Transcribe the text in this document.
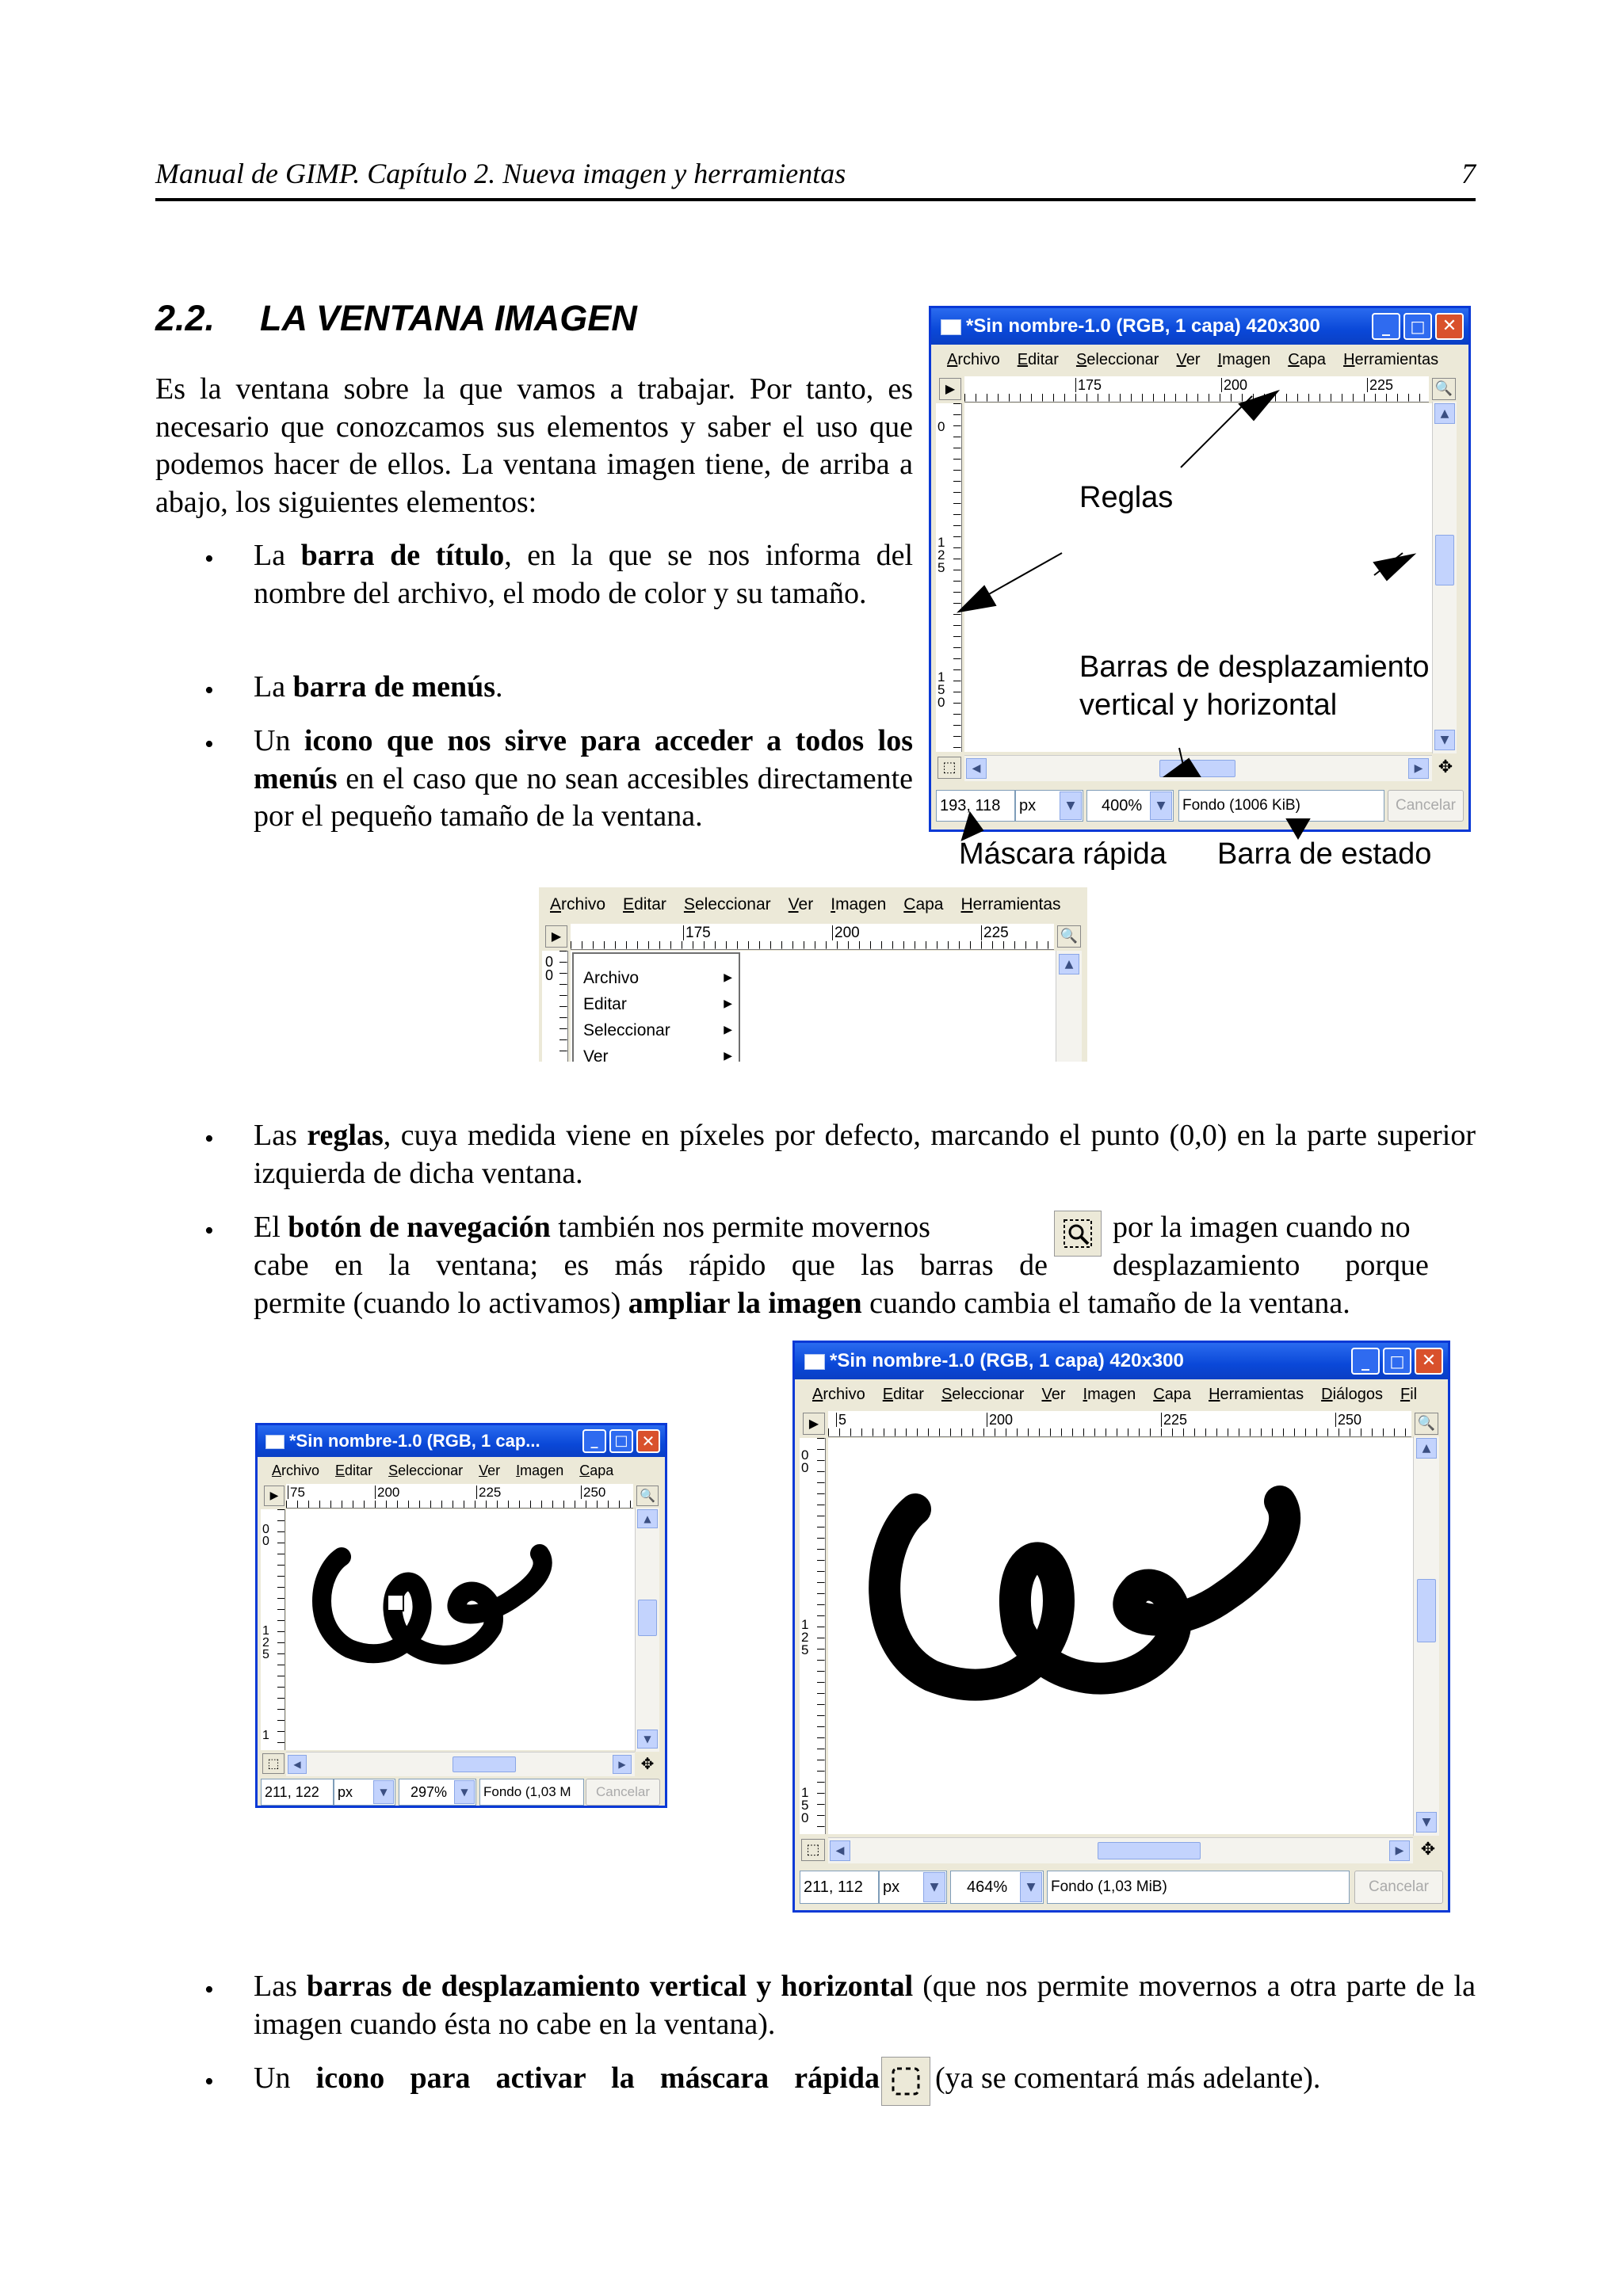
Manual de GIMP. Capítulo 2. Nueva imagen y herramientas	7
2.2. LA VENTANA IMAGEN
Es la ventana sobre la que vamos a trabajar. Por tanto, es necesario que conozcamos sus elementos y saber el uso que podemos hacer de ellos. La ventana imagen tiene, de arriba a abajo, los siguientes elementos:
• La barra de título, en la que se nos informa del nombre del archivo, el modo de color y su tamaño.
• La barra de menús.
• Un icono que nos sirve para acceder a todos los menús en el caso que no sean accesibles directamente por el pequeño tamaño de la ventana.
*Sin nombre-1.0 (RGB, 1 capa) 420x300	_	□ ✕
Archivo Editar Seleccionar Ver Imagen Capa Herramientas
▶	175	200	225	🔍
0
1
2
5
1
5
0
▲
▼
⬚	◀	▶ ✥
193, 118	px	▼	400%	▼	Fondo (1006 KiB)	Cancelar
Reglas
Barras de desplazamiento
vertical y horizontal
Máscara rápida Barra de estado
Archivo Editar Seleccionar Ver Imagen Capa Herramientas
▶	175	200	225	🔍
0
0
▲
Archivo
Editar
Seleccionar
Ver
▶
▶
▶
▶
• Las reglas, cuya medida viene en píxeles por defecto, marcando el punto (0,0) en la parte superior izquierda de dicha ventana.
• El botón de navegación también nos permite movernos	por la imagen cuando no
cabe en la ventana; es más rápido que las barras de desplazamiento      porque
permite (cuando lo activamos) ampliar la imagen cuando cambia el tamaño de la ventana.
*Sin nombre-1.0 (RGB, 1 cap...	_	□ ✕
Archivo Editar Seleccionar Ver Imagen Capa
▶ 75	200	225	250	🔍
0
0
1
2
5
1
▲
▼
⬚	◀	▶ ✥
211, 122	px	▼	297%	▼	Fondo (1,03 M	Cancelar
*Sin nombre-1.0 (RGB, 1 capa) 420x300	_	□ ✕
Archivo Editar Seleccionar Ver Imagen Capa Herramientas Diálogos Fil
▶	5	200	225	250	🔍
0
0
1
2
5
1
5
0
▲
▼
⬚	◀	▶ ✥
211, 112	px	▼	464%	▼	Fondo (1,03 MiB)	Cancelar
• Las barras de desplazamiento vertical y horizontal (que nos permite movernos a otra parte de la imagen cuando ésta no cabe en la ventana).
• Un icono para activar la máscara rápida (ya se comentará más adelante).
